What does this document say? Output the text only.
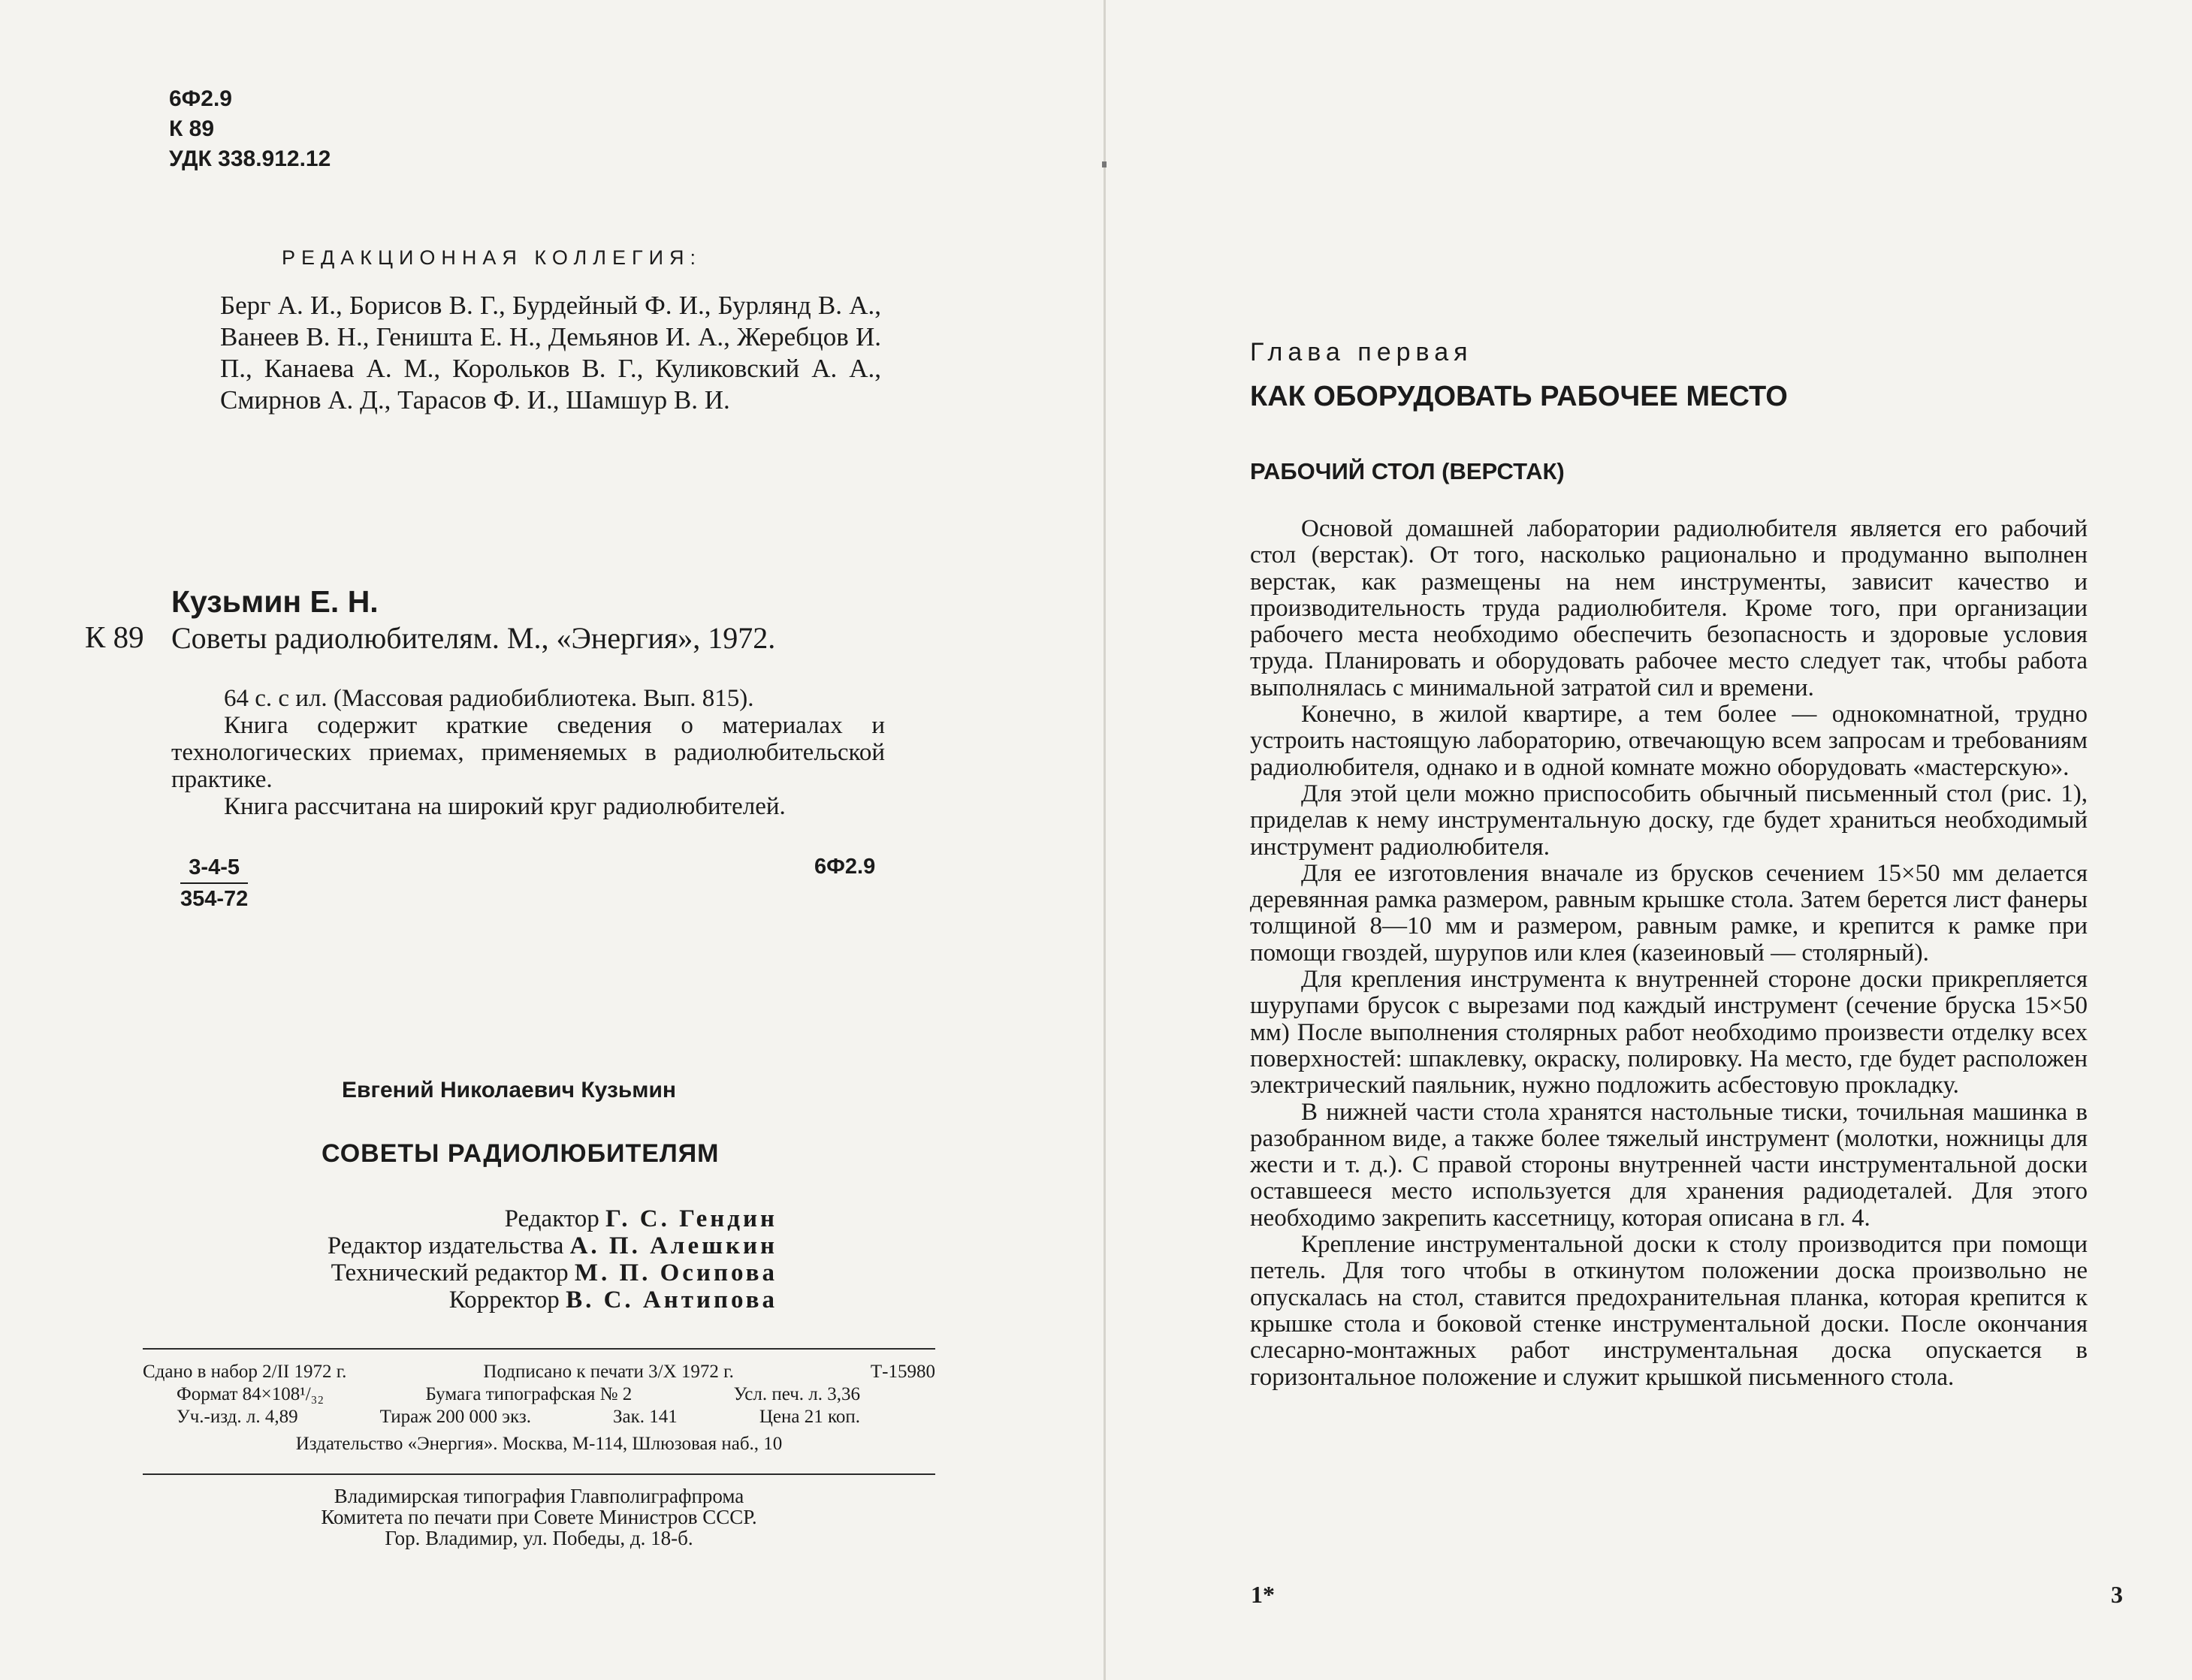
6Ф2.9
К 89
УДК 338.912.12
РЕДАКЦИОННАЯ КОЛЛЕГИЯ:
Берг А. И., Борисов В. Г., Бурдейный Ф. И., Бурлянд В. А., Ванеев В. Н., Геништа Е. Н., Демьянов И. А., Жеребцов И. П., Канаева А. М., Корольков В. Г., Куликовский А. А., Смирнов А. Д., Тарасов Ф. И., Шамшур В. И.
Кузьмин Е. Н.
К 89 Советы радиолюбителям. М., «Энергия», 1972.

64 с. с ил. (Массовая радиобиблиотека. Вып. 815).

Книга содержит краткие сведения о материалах и технологических приемах, применяемых в радиолюбительской практике.

Книга рассчитана на широкий круг радиолюбителей.

$\frac{3-4-5}{354-72}$	6Ф2.9
Евгений Николаевич Кузьмин
СОВЕТЫ РАДИОЛЮБИТЕЛЯМ
Редактор Г. С. Гендин
Редактор издательства А. П. Алешкин
Технический редактор М. П. Осипова
Корректор В. С. Антипова
Сдано в набор 2/II 1972 г.	Подписано к печати 3/X 1972 г.	Т-15980
Формат 84×108¹/₃₂	Бумага типографская № 2	Усл. печ. л. 3,36
Уч.-изд. л. 4,89	Тираж 200 000 экз.	Зак. 141	Цена 21 коп.
Издательство «Энергия». Москва, М-114, Шлюзовая наб., 10
Владимирская типография Главполиграфпрома
Комитета по печати при Совете Министров СССР.
Гор. Владимир, ул. Победы, д. 18-б.
Глава первая
КАК ОБОРУДОВАТЬ РАБОЧЕЕ МЕСТО
РАБОЧИЙ СТОЛ (ВЕРСТАК)

Основой домашней лаборатории радиолюбителя является его рабочий стол (верстак). От того, насколько рационально и продуманно выполнен верстак, как размещены на нем инструменты, зависит качество и производительность труда радиолюбителя. Кроме того, при организации рабочего места необходимо обеспечить безопасность и здоровые условия труда. Планировать и оборудовать рабочее место следует так, чтобы работа выполнялась с минимальной затратой сил и времени.

Конечно, в жилой квартире, а тем более — однокомнатной, трудно устроить настоящую лабораторию, отвечающую всем запросам и требованиям радиолюбителя, однако и в одной комнате можно оборудовать «мастерскую».

Для этой цели можно приспособить обычный письменный стол (рис. 1), приделав к нему инструментальную доску, где будет храниться необходимый инструмент радиолюбителя.

Для ее изготовления вначале из брусков сечением 15×50 мм делается деревянная рамка размером, равным крышке стола. Затем берется лист фанеры толщиной 8—10 мм и размером, равным рамке, и крепится к рамке при помощи гвоздей, шурупов или клея (казеиновый — столярный).

Для крепления инструмента к внутренней стороне доски прикрепляется шурупами брусок с вырезами под каждый инструмент (сечение бруска 15×50 мм) После выполнения столярных работ необходимо произвести отделку всех поверхностей: шпаклевку, окраску, полировку. На место, где будет расположен электрический паяльник, нужно подложить асбестовую прокладку.

В нижней части стола хранятся настольные тиски, точильная машинка в разобранном виде, а также более тяжелый инструмент (молотки, ножницы для жести и т. д.). С правой стороны внутренней части инструментальной доски оставшееся место используется для хранения радиодеталей. Для этого необходимо закрепить кассетницу, которая описана в гл. 4.

Крепление инструментальной доски к столу производится при помощи петель. Для того чтобы в откинутом положении доска произвольно не опускалась на стол, ставится предохранительная планка, которая крепится к крышке стола и боковой стенке инструментальной доски. После окончания слесарно-монтажных работ инструментальная доска опускается в горизонтальное положение и служит крышкой письменного стола.

1*	3
